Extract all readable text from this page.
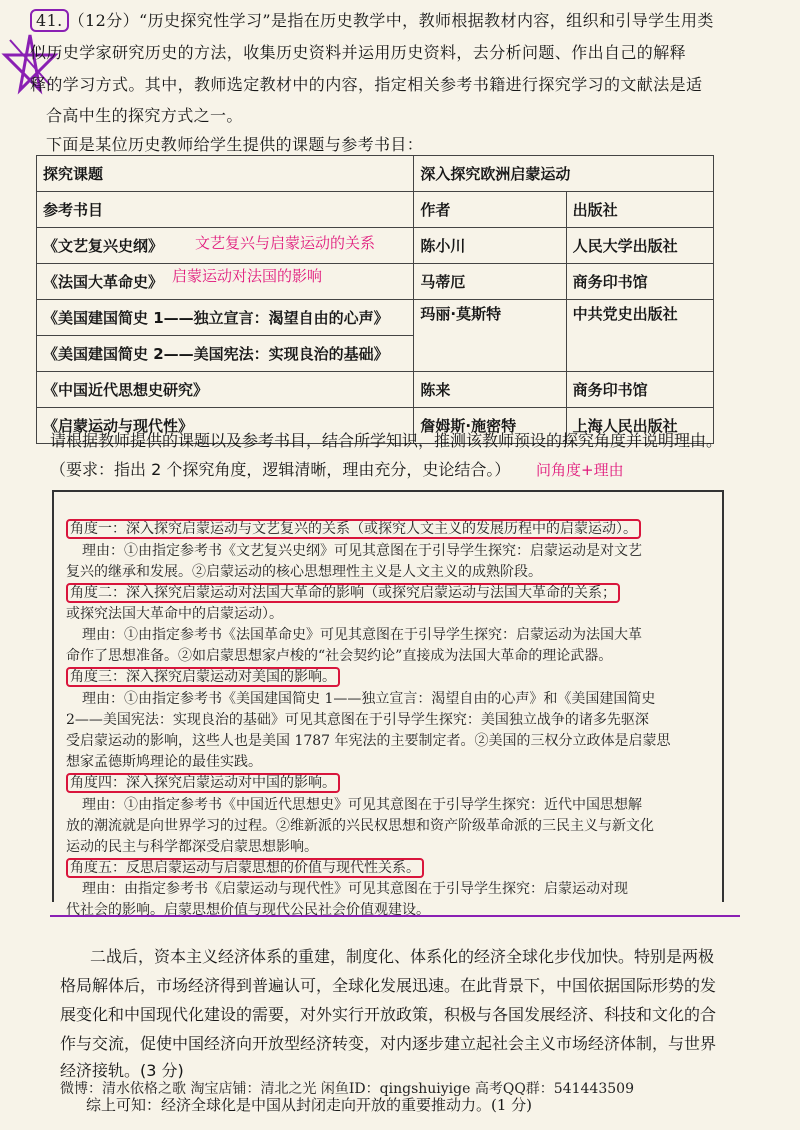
41. （12分）“历史探究性学习”是指在历史教学中，教师根据教材内容，组织和引导学生用类
似历史学家研究历史的方法，收集历史资料并运用历史资料，去分析问题、作出自己的解释
释的学习方式。其中，教师选定教材中的内容，指定相关参考书籍进行探究学习的文献法是适
合高中生的探究方式之一。
下面是某位历史教师给学生提供的课题与参考书目：
探究课题	深入探究欧洲启蒙运动	
参考书目	作者	出版社
《文艺复兴史纲》	陈小川	人民大学出版社
《法国大革命史》	马蒂厄	商务印书馆
《美国建国简史 1——独立宣言：渴望自由的心声》	玛丽·莫斯特	中共党史出版社
《美国建国简史 2——美国宪法：实现良治的基础》		
《中国近代思想史研究》	陈来	商务印书馆
《启蒙运动与现代性》	詹姆斯·施密特	上海人民出版社
文艺复兴与启蒙运动的关系
启蒙运动对法国的影响
请根据教师提供的课题以及参考书目，结合所学知识，推测该教师预设的探究角度并说明理由。
（要求：指出 2 个探究角度，逻辑清晰，理由充分，史论结合。） 问角度+理由
角度一：深入探究启蒙运动与文艺复兴的关系（或探究人文主义的发展历程中的启蒙运动）。
理由：①由指定参考书《文艺复兴史纲》可见其意图在于引导学生探究：启蒙运动是对文艺
复兴的继承和发展。②启蒙运动的核心思想理性主义是人文主义的成熟阶段。
角度二：深入探究启蒙运动对法国大革命的影响（或探究启蒙运动与法国大革命的关系；
或探究法国大革命中的启蒙运动）。
理由：①由指定参考书《法国革命史》可见其意图在于引导学生探究：启蒙运动为法国大革
命作了思想准备。②如启蒙思想家卢梭的“社会契约论”直接成为法国大革命的理论武器。
角度三：深入探究启蒙运动对美国的影响。
理由：①由指定参考书《美国建国简史 1——独立宣言：渴望自由的心声》和《美国建国简史
2——美国宪法：实现良治的基础》可见其意图在于引导学生探究：美国独立战争的诸多先驱深
受启蒙运动的影响，这些人也是美国 1787 年宪法的主要制定者。②美国的三权分立政体是启蒙思
想家孟德斯鸠理论的最佳实践。
角度四：深入探究启蒙运动对中国的影响。
理由：①由指定参考书《中国近代思想史》可见其意图在于引导学生探究：近代中国思想解
放的潮流就是向世界学习的过程。②维新派的兴民权思想和资产阶级革命派的三民主义与新文化
运动的民主与科学都深受启蒙思想影响。
角度五：反思启蒙运动与启蒙思想的价值与现代性关系。
理由：由指定参考书《启蒙运动与现代性》可见其意图在于引导学生探究：启蒙运动对现
代社会的影响。启蒙思想价值与现代公民社会价值观建设。
二战后，资本主义经济体系的重建，制度化、体系化的经济全球化步伐加快。特别是两极
格局解体后，市场经济得到普遍认可，全球化发展迅速。在此背景下，中国依据国际形势的发
展变化和中国现代化建设的需要，对外实行开放政策，积极与各国发展经济、科技和文化的合
作与交流，促使中国经济向开放型经济转变，对内逐步建立起社会主义市场经济体制，与世界
经济接轨。(3 分)
微博：清水依格之歌 淘宝店铺：清北之光 闲鱼ID：qingshuiyige 高考QQ群：541443509
综上可知：经济全球化是中国从封闭走向开放的重要推动力。(1 分)
